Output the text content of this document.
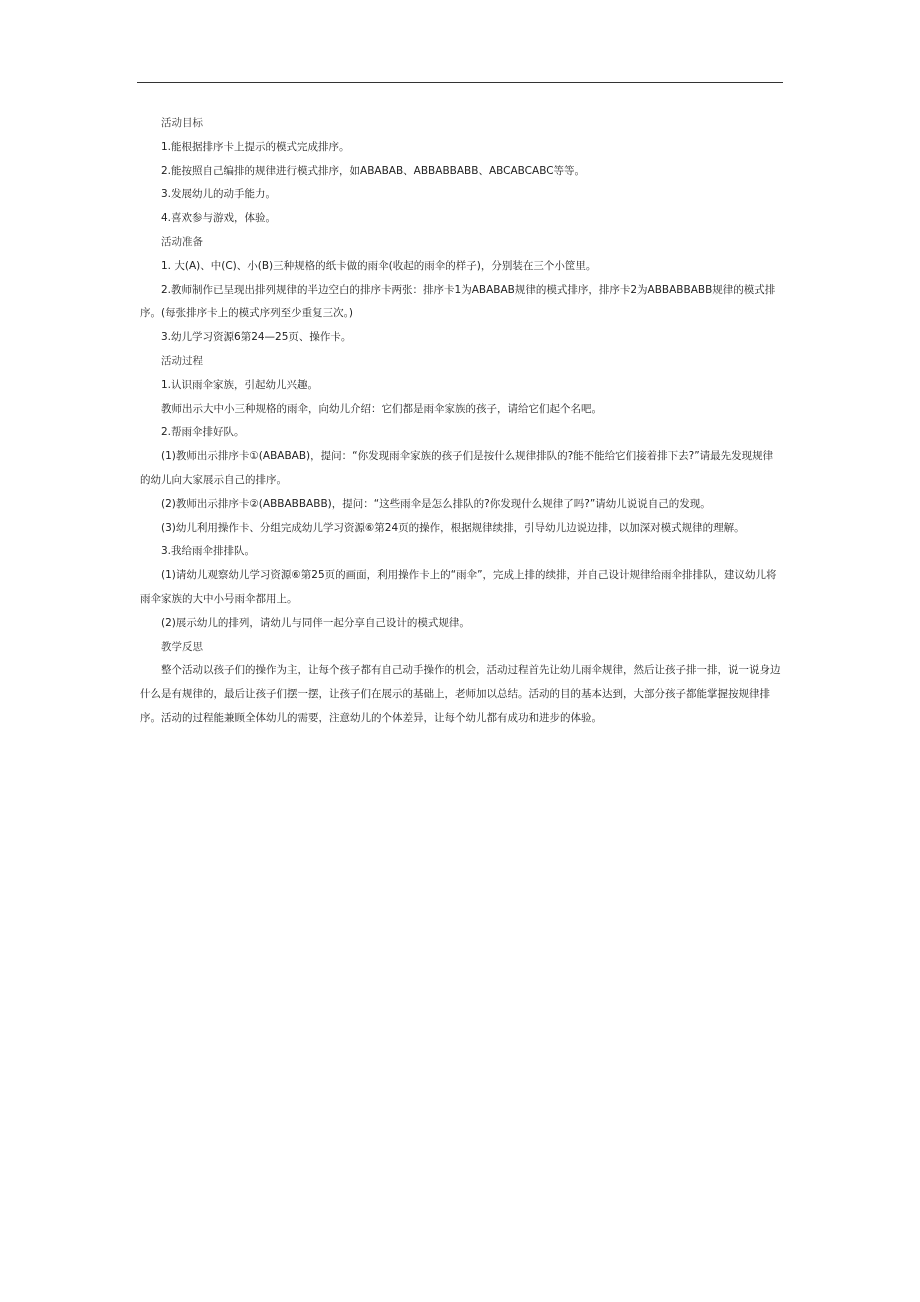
活动目标

1.能根据排序卡上提示的模式完成排序。

2.能按照自己编排的规律进行模式排序，如ABABAB、ABBABBABB、ABCABCABC等等。

3.发展幼儿的动手能力。

4.喜欢参与游戏，体验。

活动准备

1. 大(A)、中(C)、小(B)三种规格的纸卡做的雨伞(收起的雨伞的样子)，分别装在三个小筐里。

2.教师制作已呈现出排列规律的半边空白的排序卡两张：排序卡1为ABABAB规律的模式排序，排序卡2为ABBABBABB规律的模式排序。(每张排序卡上的模式序列至少重复三次。)

3.幼儿学习资源6第24—25页、操作卡。

活动过程

1.认识雨伞家族，引起幼儿兴趣。

教师出示大中小三种规格的雨伞，向幼儿介绍：它们都是雨伞家族的孩子，请给它们起个名吧。

2.帮雨伞排好队。

(1)教师出示排序卡①(ABABAB)，提问：“你发现雨伞家族的孩子们是按什么规律排队的?能不能给它们接着排下去?”请最先发现规律的幼儿向大家展示自己的排序。

(2)教师出示排序卡②(ABBABBABB)，提问：“这些雨伞是怎么排队的?你发现什么规律了吗?”请幼儿说说自己的发现。

(3)幼儿利用操作卡、分组完成幼儿学习资源⑥第24页的操作，根据规律续排，引导幼儿边说边排，以加深对模式规律的理解。

3.我给雨伞排排队。

(1)请幼儿观察幼儿学习资源⑥第25页的画面，利用操作卡上的“雨伞”，完成上排的续排，并自己设计规律给雨伞排排队，建议幼儿将雨伞家族的大中小号雨伞都用上。

(2)展示幼儿的排列，请幼儿与同伴一起分享自己设计的模式规律。

教学反思

整个活动以孩子们的操作为主，让每个孩子都有自己动手操作的机会，活动过程首先让幼儿雨伞规律，然后让孩子排一排，说一说身边什么是有规律的，最后让孩子们摆一摆，让孩子们在展示的基础上，老师加以总结。活动的目的基本达到，大部分孩子都能掌握按规律排序。活动的过程能兼顾全体幼儿的需要，注意幼儿的个体差异，让每个幼儿都有成功和进步的体验。
